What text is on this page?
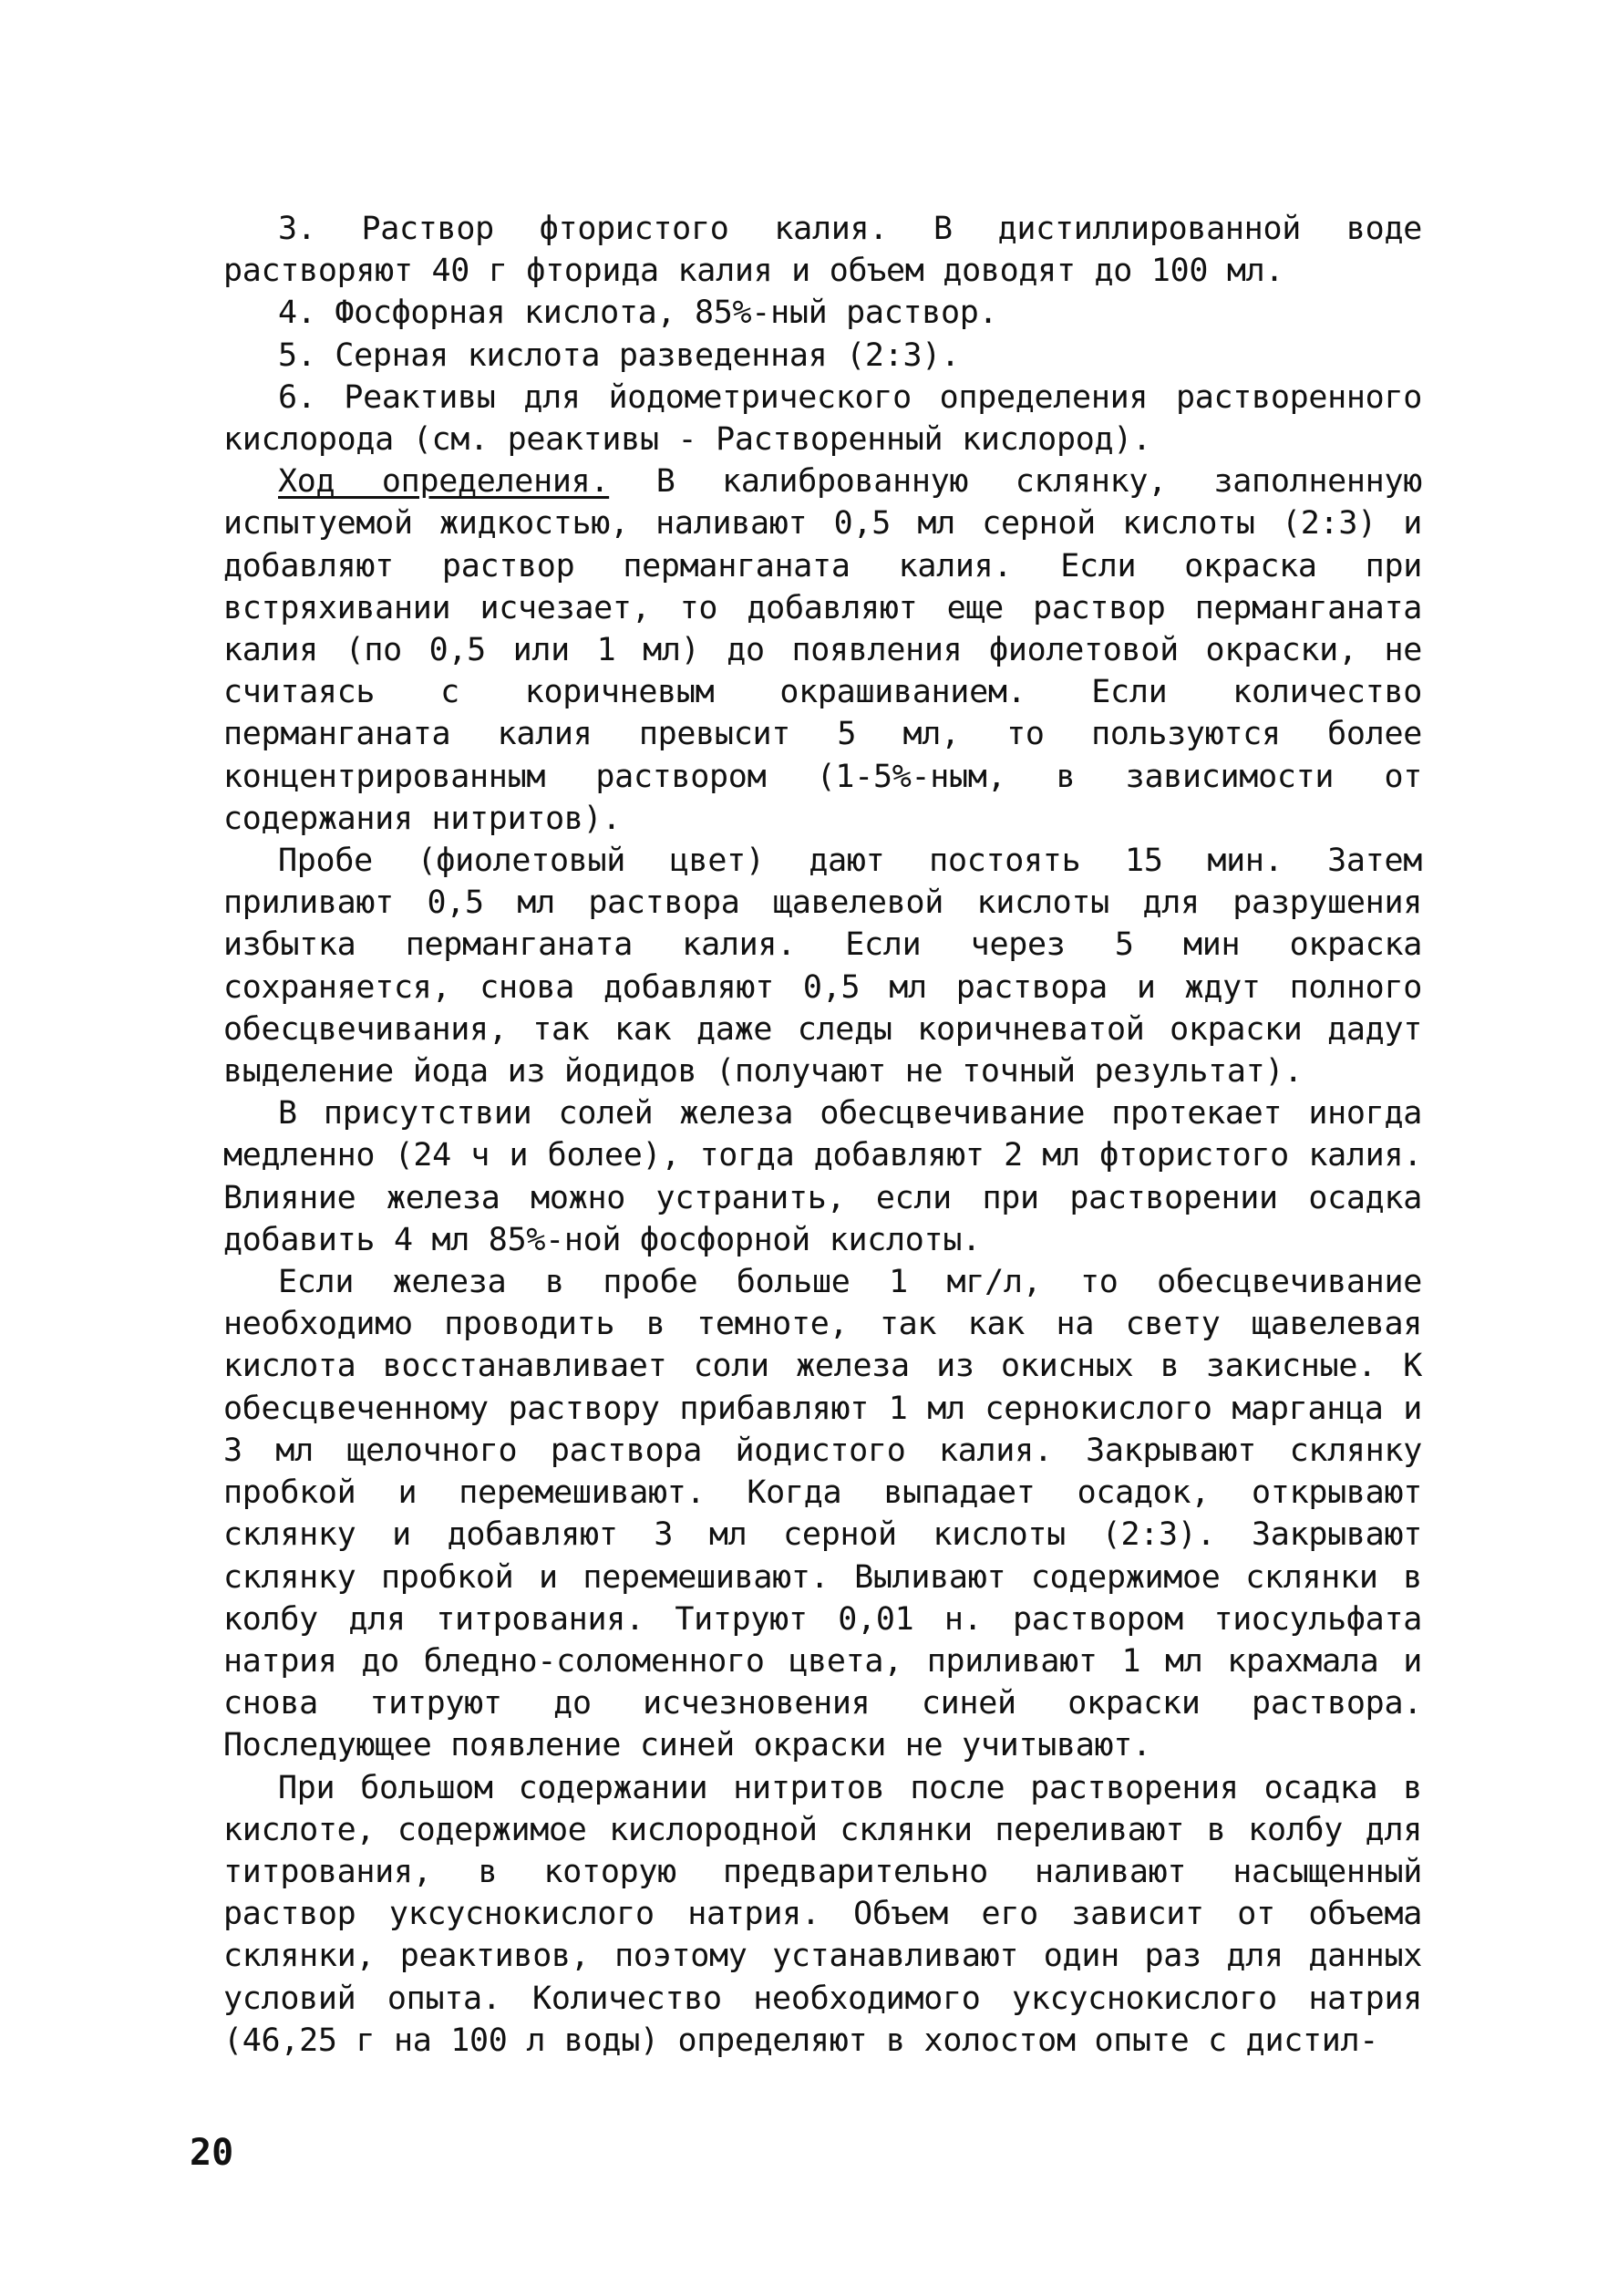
3. Раствор фтористого калия. В дистиллированной воде растворяют 40 г фторида калия и объем доводят до 100 мл.

4. Фосфорная кислота, 85%-ный раствор.

5. Серная кислота разведенная (2:3).

6. Реактивы для йодометрического определения растворенного кислорода (см. реактивы - Растворенный кислород).

Ход определения. В калиброванную склянку, заполненную испытуемой жидкостью, наливают 0,5 мл серной кислоты (2:3) и добавляют раствор перманганата калия. Если окраска при встряхивании исчезает, то добавляют еще раствор перманганата калия (по 0,5 или 1 мл) до появления фиолетовой окраски, не считаясь с коричневым окрашиванием. Если количество перманганата калия превысит 5 мл, то пользуются более концентрированным раствором (1-5%-ным, в зависимости от содержания нитритов).

Пробе (фиолетовый цвет) дают постоять 15 мин. Затем приливают 0,5 мл раствора щавелевой кислоты для разрушения избытка перманганата калия. Если через 5 мин окраска сохраняется, снова добавляют 0,5 мл раствора и ждут полного обесцвечивания, так как даже следы коричневатой окраски дадут выделение йода из йодидов (получают не точный результат).

В присутствии солей железа обесцвечивание протекает иногда медленно (24 ч и более), тогда добавляют 2 мл фтористого калия. Влияние железа можно устранить, если при растворении осадка добавить 4 мл 85%-ной фосфорной кислоты.

Если железа в пробе больше 1 мг/л, то обесцвечивание необходимо проводить в темноте, так как на свету щавелевая кислота восстанавливает соли железа из окисных в закисные. К обесцвеченному раствору прибавляют 1 мл сернокислого марганца и 3 мл щелочного раствора йодистого калия. Закрывают склянку пробкой и перемешивают. Когда выпадает осадок, открывают склянку и добавляют 3 мл серной кислоты (2:3). Закрывают склянку пробкой и перемешивают. Выливают содержимое склянки в колбу для титрования. Титруют 0,01 н. раствором тиосульфата натрия до бледно-соломенного цвета, приливают 1 мл крахмала и снова титруют до исчезновения синей окраски раствора. Последующее появление синей окраски не учитывают.

При большом содержании нитритов после растворения осадка в кислоте, содержимое кислородной склянки переливают в колбу для титрования, в которую предварительно наливают насыщенный раствор уксуснокислого натрия. Объем его зависит от объема склянки, реактивов, поэтому устанавливают один раз для данных условий опыта. Количество необходимого уксуснокислого натрия (46,25 г на 100 л воды) определяют в холостом опыте с дистил-

20
